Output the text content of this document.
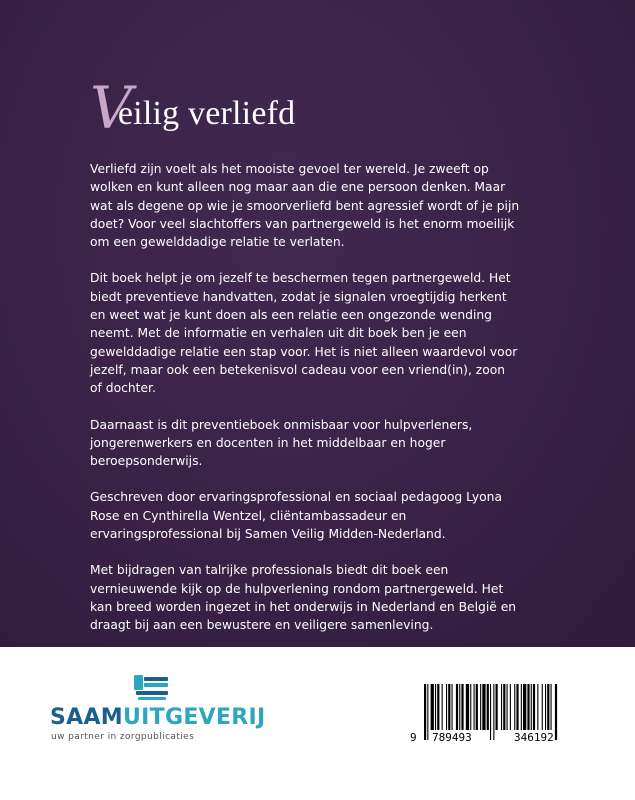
Veilig verliefd

Verliefd zijn voelt als het mooiste gevoel ter wereld. Je zweeft op wolken en kunt alleen nog maar aan die ene persoon denken. Maar wat als degene op wie je smoorverliefd bent agressief wordt of je pijn doet? Voor veel slachtoffers van partnergeweld is het enorm moeilijk om een gewelddadige relatie te verlaten.

Dit boek helpt je om jezelf te beschermen tegen partnergeweld. Het biedt preventieve handvatten, zodat je signalen vroegtijdig herkent en weet wat je kunt doen als een relatie een ongezonde wending neemt. Met de informatie en verhalen uit dit boek ben je een gewelddadige relatie een stap voor. Het is niet alleen waardevol voor jezelf, maar ook een betekenisvol cadeau voor een vriend(in), zoon of dochter.

Daarnaast is dit preventieboek onmisbaar voor hulpverleners, jongerenwerkers en docenten in het middelbaar en hoger beroepsonderwijs.

Geschreven door ervaringsprofessional en sociaal pedagoog Lyona Rose en Cynthirella Wentzel, cliëntambassadeur en ervaringsprofessional bij Samen Veilig Midden-Nederland.

Met bijdragen van talrijke professionals biedt dit boek een vernieuwende kijk op de hulpverlening rondom partnergeweld. Het kan breed worden ingezet in het onderwijs in Nederland en België en draagt bij aan een bewustere en veiligere samenleving.

SAAMUITGEVERIJ
uw partner in zorgpublicaties

	9

789493

	346192
